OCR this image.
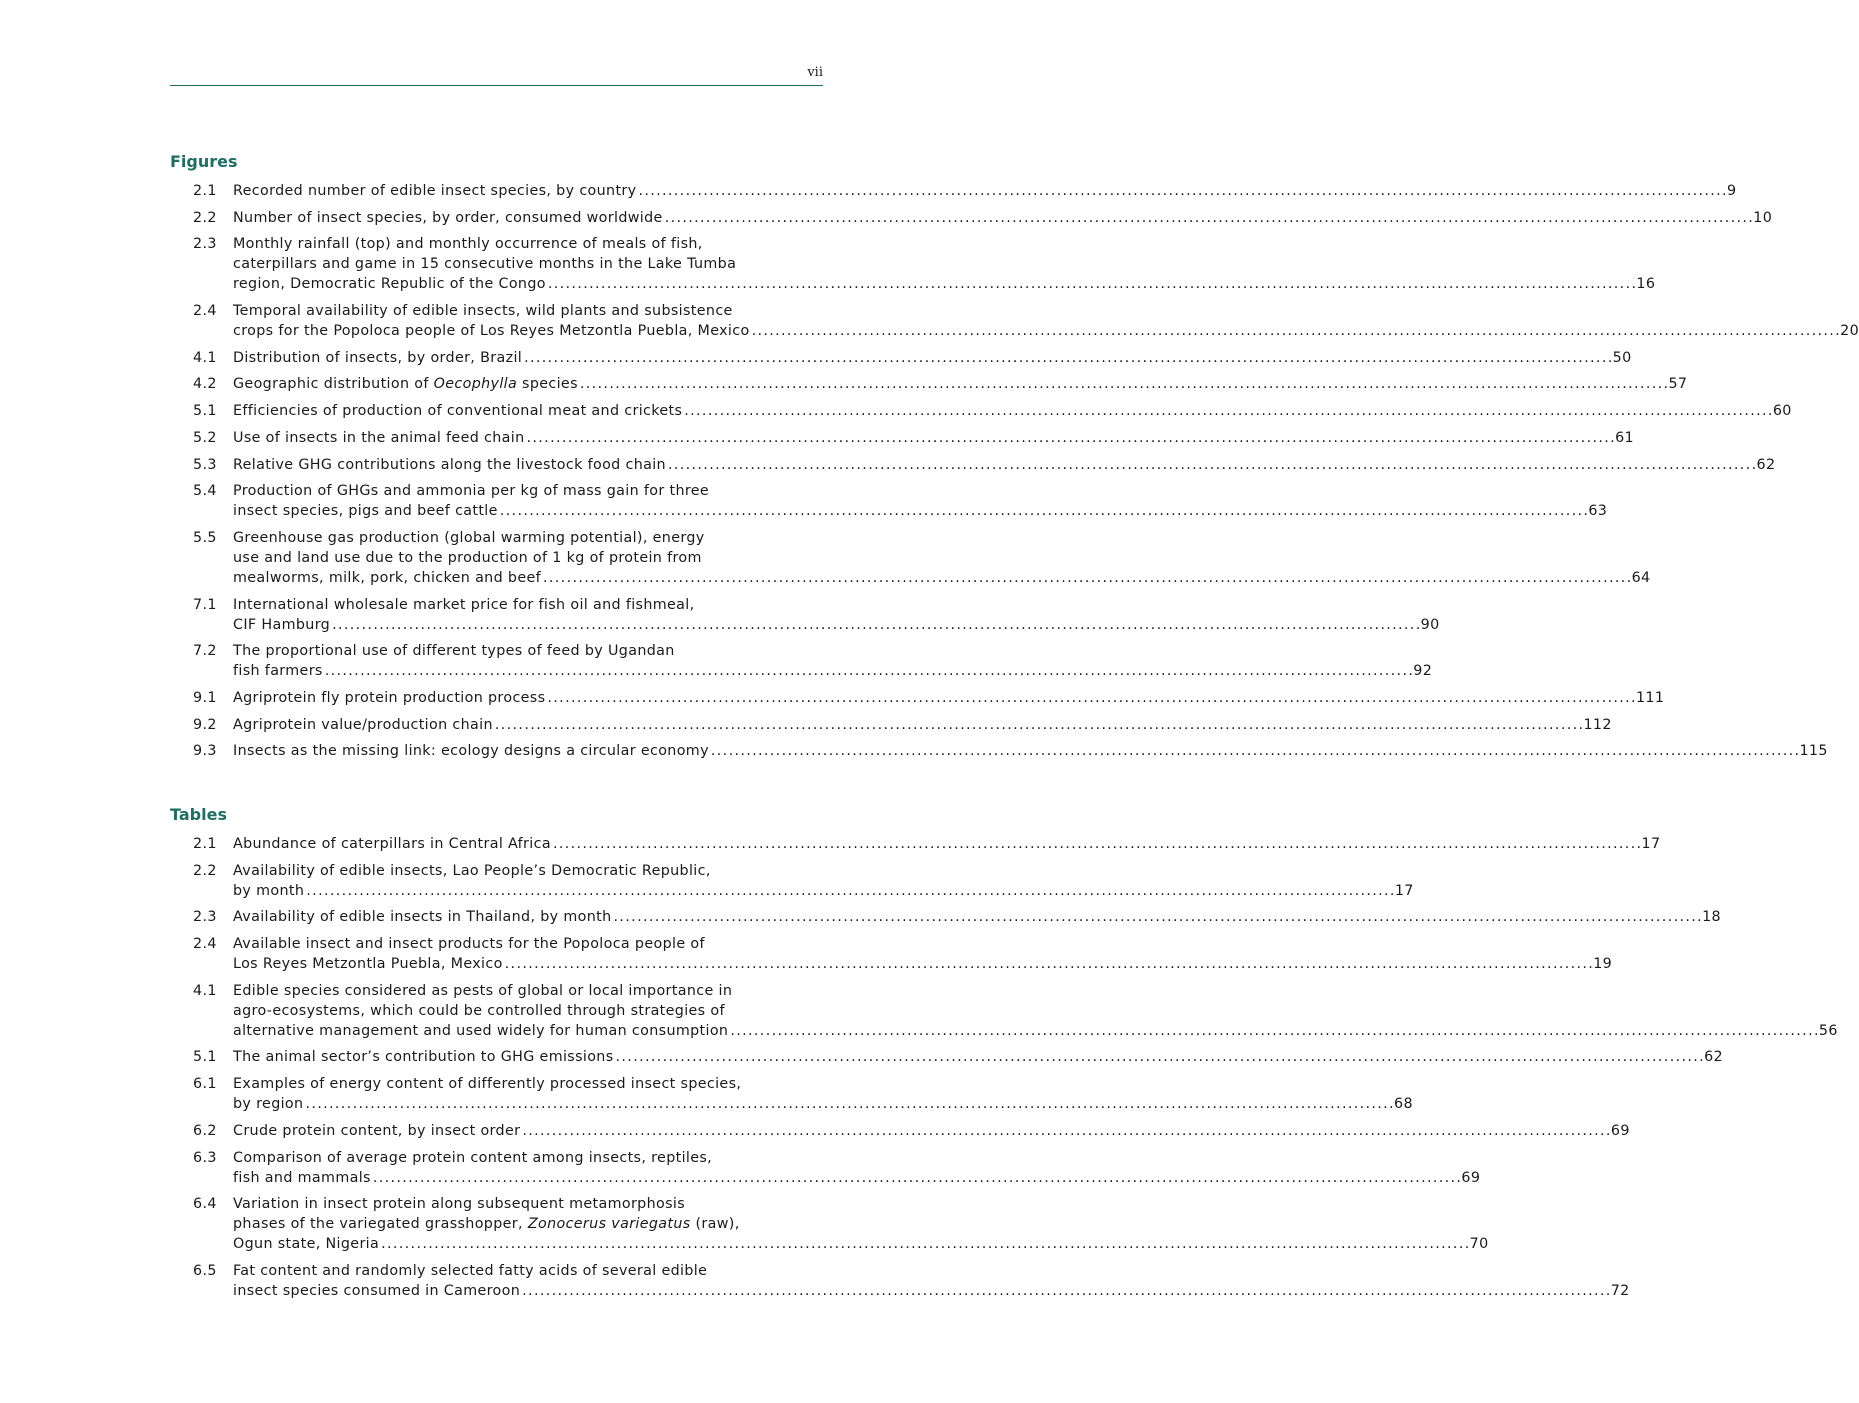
vii
Figures
2.1	Recorded number of edible insect species, by country . . .	9
2.2	Number of insect species, by order, consumed worldwide . . .	10
2.3	Monthly rainfall (top) and monthly occurrence of meals of fish,
caterpillars and game in 15 consecutive months in the Lake Tumba
region, Democratic Republic of the Congo . . .	16
2.4	Temporal availability of edible insects, wild plants and subsistence
crops for the Popoloca people of Los Reyes Metzontla Puebla, Mexico . . .	20
4.1	Distribution of insects, by order, Brazil . . .	50
4.2	Geographic distribution of Oecophylla species . . .	57
5.1	Efficiencies of production of conventional meat and crickets . . .	60
5.2	Use of insects in the animal feed chain . . .	61
5.3	Relative GHG contributions along the livestock food chain . . .	62
5.4	Production of GHGs and ammonia per kg of mass gain for three
insect species, pigs and beef cattle . . .	63
5.5	Greenhouse gas production (global warming potential), energy
use and land use due to the production of 1 kg of protein from
mealworms, milk, pork, chicken and beef . . .	64
7.1	International wholesale market price for fish oil and fishmeal,
CIF Hamburg . . .	90
7.2	The proportional use of different types of feed by Ugandan
fish farmers . . .	92
9.1	Agriprotein fly protein production process . . .	111
9.2	Agriprotein value/production chain . . .	112
9.3	Insects as the missing link: ecology designs a circular economy . . .	115
Tables
2.1	Abundance of caterpillars in Central Africa . . .	17
2.2	Availability of edible insects, Lao People’s Democratic Republic,
by month . . .	17
2.3	Availability of edible insects in Thailand, by month . . .	18
2.4	Available insect and insect products for the Popoloca people of
Los Reyes Metzontla Puebla, Mexico . . .	19
4.1	Edible species considered as pests of global or local importance in
agro-ecosystems, which could be controlled through strategies of
alternative management and used widely for human consumption . . .	56
5.1	The animal sector’s contribution to GHG emissions . . .	62
6.1	Examples of energy content of differently processed insect species,
by region . . .	68
6.2	Crude protein content, by insect order . . .	69
6.3	Comparison of average protein content among insects, reptiles,
fish and mammals . . .	69
6.4	Variation in insect protein along subsequent metamorphosis
phases of the variegated grasshopper, Zonocerus variegatus (raw),
Ogun state, Nigeria . . .	70
6.5	Fat content and randomly selected fatty acids of several edible
insect species consumed in Cameroon . . .	72
